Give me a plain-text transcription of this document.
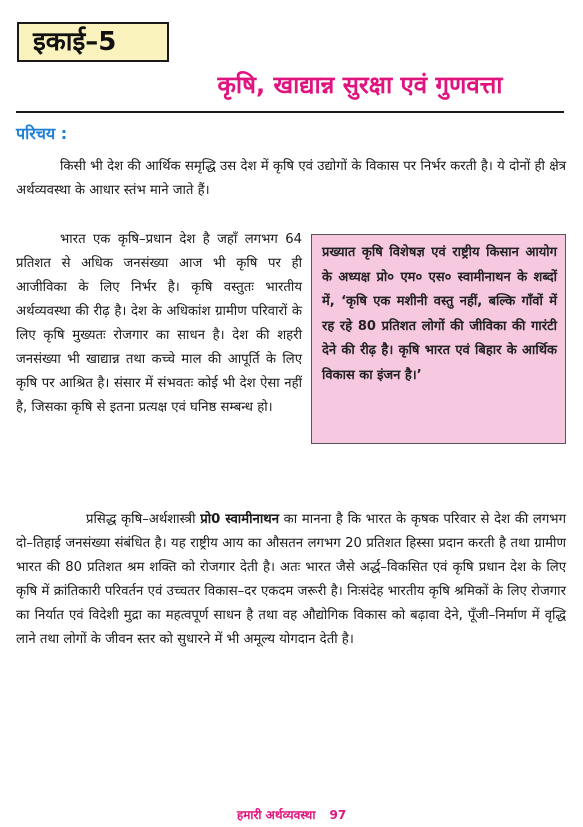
इकाई–5
कृषि, खाद्यान्न सुरक्षा एवं गुणवत्ता
परिचय :

किसी भी देश की आर्थिक समृद्धि उस देश में कृषि एवं उद्योगों के विकास पर निर्भर करती है। ये दोनों ही क्षेत्र अर्थव्यवस्था के आधार स्तंभ माने जाते हैं।

भारत एक कृषि–प्रधान देश है जहाँ लगभग 64 प्रतिशत से अधिक जनसंख्या आज भी कृषि पर ही आजीविका के लिए निर्भर है। कृषि वस्तुतः भारतीय अर्थव्यवस्था की रीढ़ है। देश के अधिकांश ग्रामीण परिवारों के लिए कृषि मुख्यतः रोजगार का साधन है। देश की शहरी जनसंख्या भी खाद्यान्न तथा कच्चे माल की आपूर्ति के लिए कृषि पर आश्रित है। संसार में संभवतः कोई भी देश ऐसा नहीं है, जिसका कृषि से इतना प्रत्यक्ष एवं घनिष्ठ सम्बन्ध हो।

प्रख्यात कृषि विशेषज्ञ एवं राष्ट्रीय किसान आयोग के अध्यक्ष प्रो० एम० एस० स्वामीनाथन के शब्दों में, ‘कृषि एक मशीनी वस्तु नहीं, बल्कि गाँवों में रह रहे 80 प्रतिशत लोगों की जीविका की गारंटी देने की रीढ़ है। कृषि भारत एवं बिहार के आर्थिक विकास का इंजन है।’

प्रसिद्ध कृषि–अर्थशास्त्री प्रो0 स्वामीनाथन का मानना है कि भारत के कृषक परिवार से देश की लगभग दो–तिहाई जनसंख्या संबंधित है। यह राष्ट्रीय आय का औसतन लगभग 20 प्रतिशत हिस्सा प्रदान करती है तथा ग्रामीण भारत की 80 प्रतिशत श्रम शक्ति को रोजगार देती है। अतः भारत जैसे अर्द्ध–विकसित एवं कृषि प्रधान देश के लिए कृषि में क्रांतिकारी परिवर्तन एवं उच्चतर विकास–दर एकदम जरूरी है। निःसंदेह भारतीय कृषि श्रमिकों के लिए रोजगार का निर्यात एवं विदेशी मुद्रा का महत्वपूर्ण साधन है तथा वह औद्योगिक विकास को बढ़ावा देने, पूँजी–निर्माण में वृद्धि लाने तथा लोगों के जीवन स्तर को सुधारने में भी अमूल्य योगदान देती है।

हमारी अर्थव्यवस्था 97
